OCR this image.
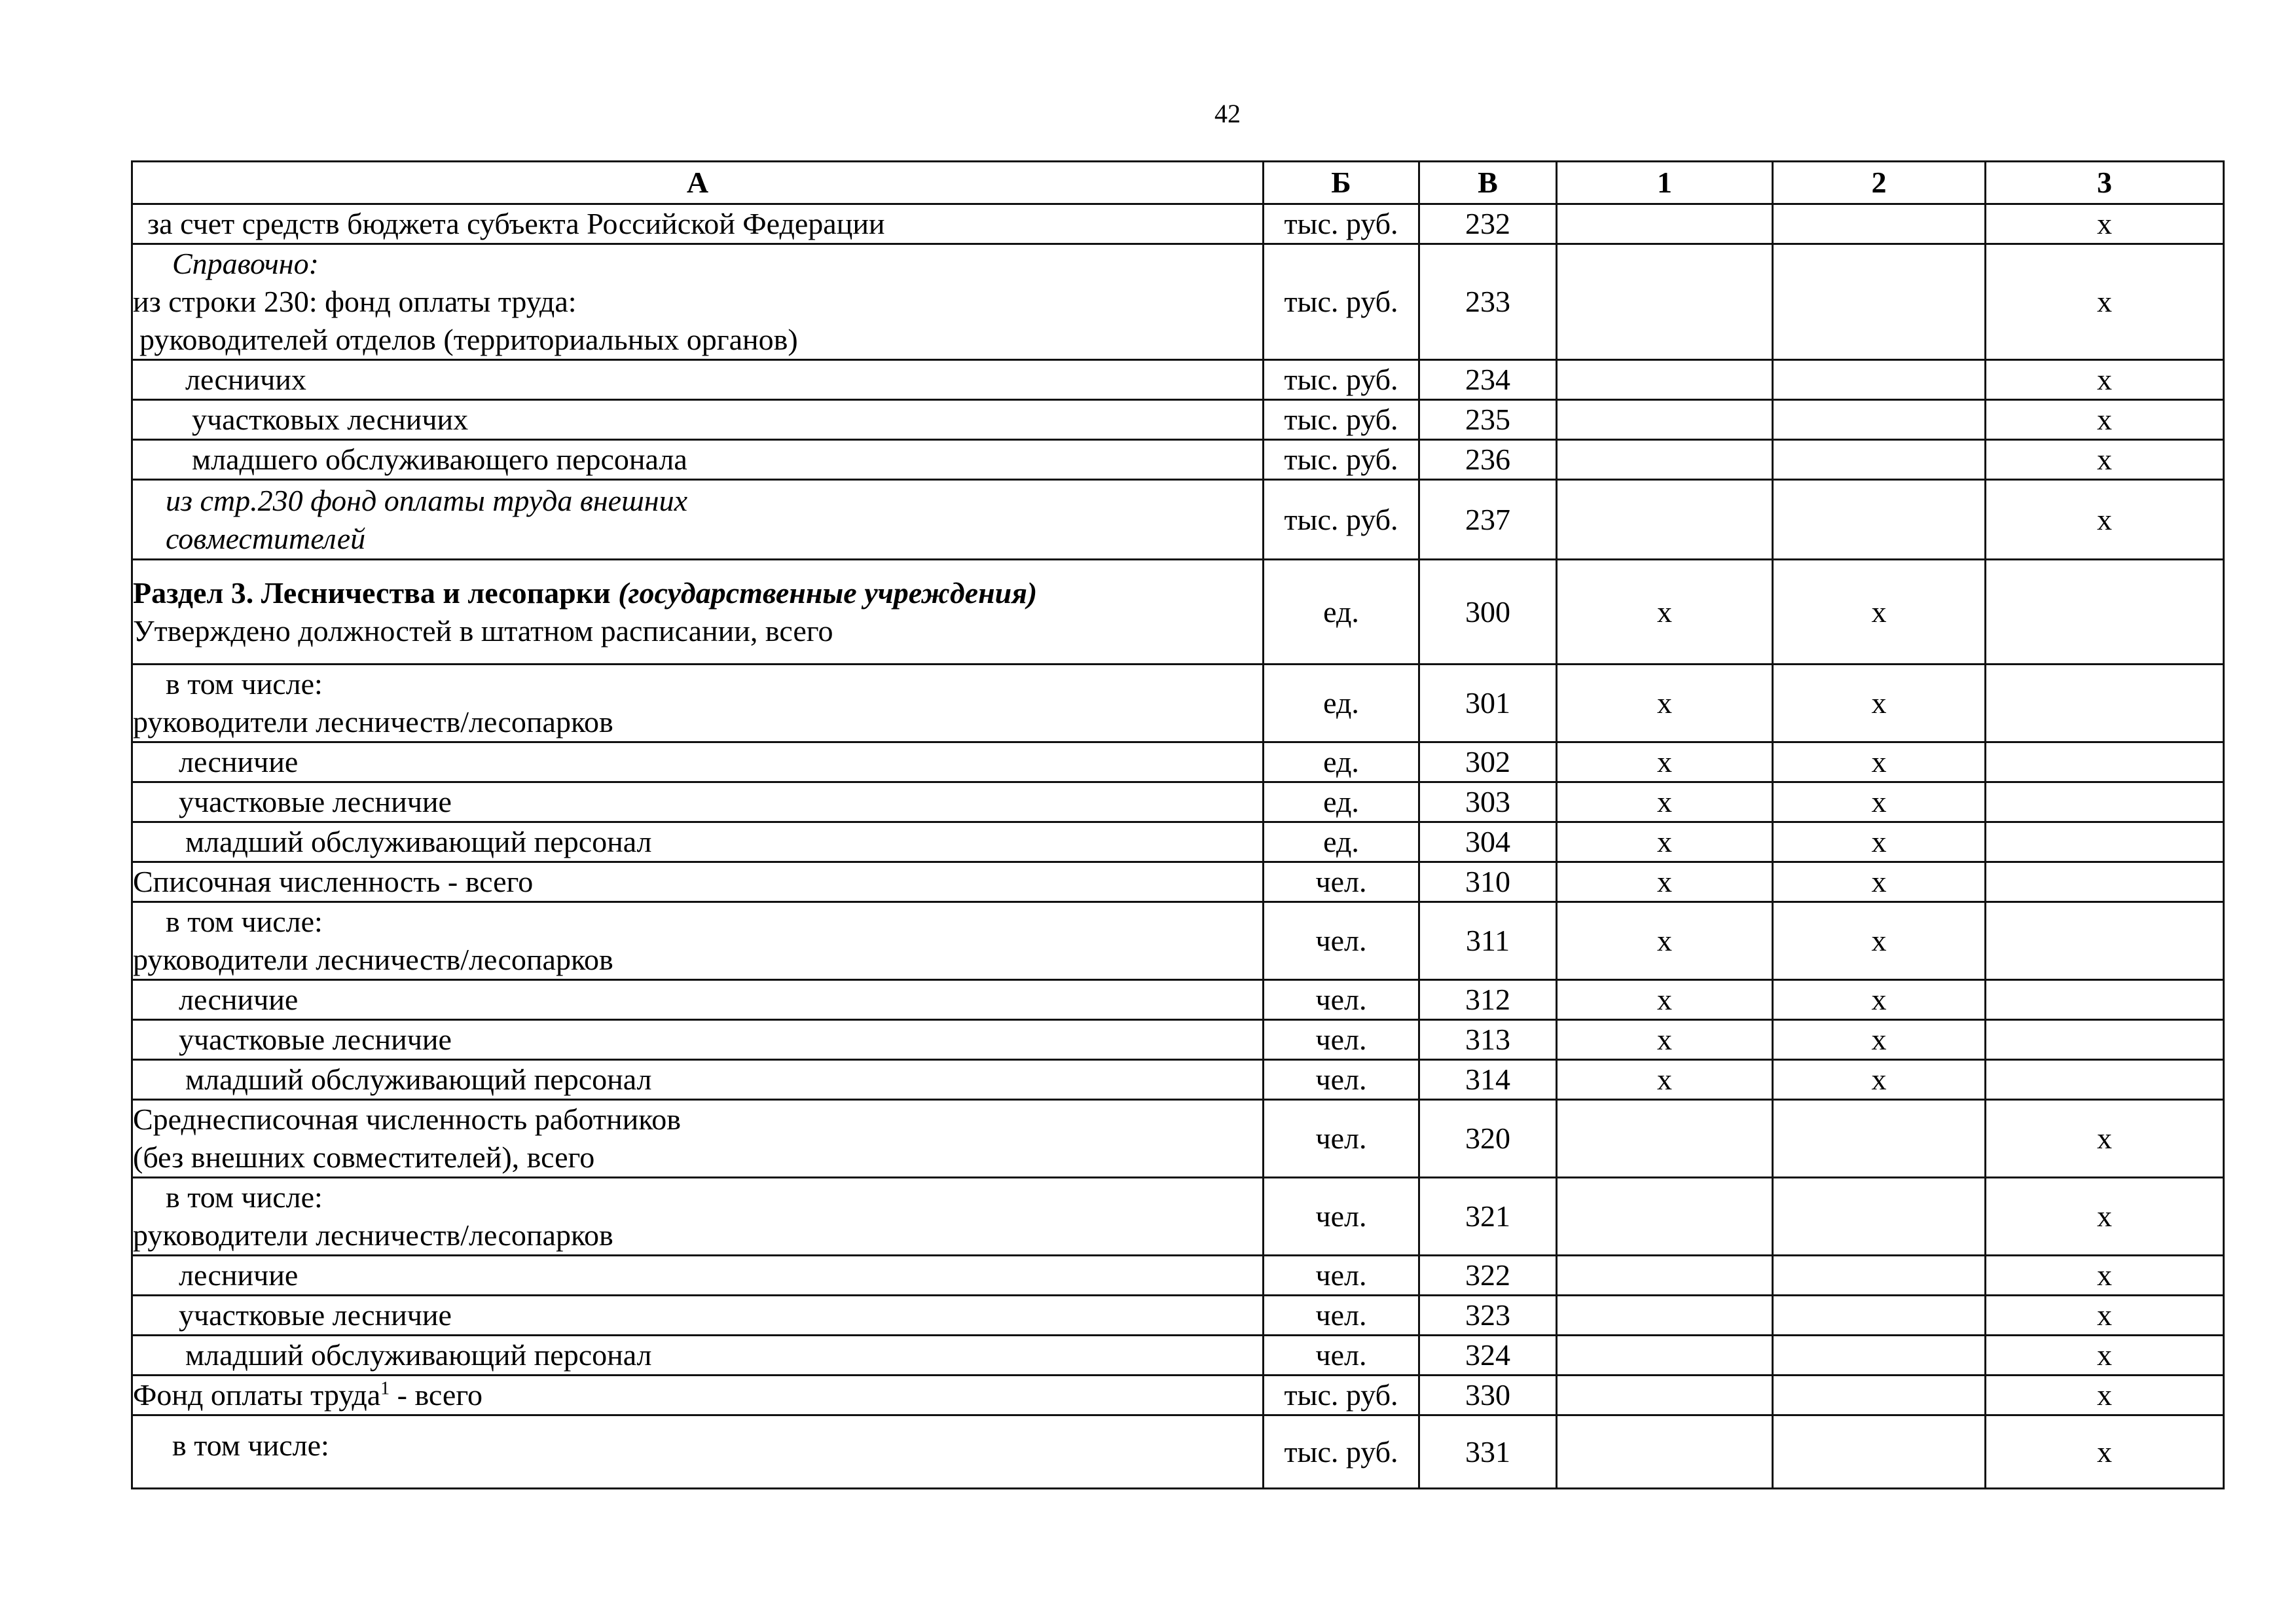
42
А	Б	В	1	2	3
за счет средств бюджета субъекта Российской Федерации	тыс. руб.	232			х

Справочно:
из строки 230: фонд оплаты труда:
руководителей отделов (территориальных органов)	тыс. руб.	233			х
лесничих	тыс. руб.	234			х
участковых лесничих	тыс. руб.	235			х
младшего обслуживающего персонала	тыс. руб.	236			х

из стр.230 фонд оплаты труда внешних
совместителей	тыс. руб.	237			х

Раздел 3. Лесничества и лесопарки (государственные учреждения)
Утверждено должностей в штатном расписании, всего	ед.	300	х	х	

в том числе:
руководители лесничеств/лесопарков	ед.	301	х	х	
лесничие	ед.	302	х	х	
участковые лесничие	ед.	303	х	х	
младший обслуживающий персонал	ед.	304	х	х	
Списочная численность - всего	чел.	310	х	х	

в том числе:
руководители лесничеств/лесопарков	чел.	311	х	х	
лесничие	чел.	312	х	х	
участковые лесничие	чел.	313	х	х	
младший обслуживающий персонал	чел.	314	х	х	

Среднесписочная численность работников
(без внешних совместителей), всего	чел.	320			х

в том числе:
руководители лесничеств/лесопарков	чел.	321			х
лесничие	чел.	322			х
участковые лесничие	чел.	323			х
младший обслуживающий персонал	чел.	324			х
Фонд оплаты труда$^1$ - всего	тыс. руб.	330			х
в том числе:	тыс. руб.	331			х
